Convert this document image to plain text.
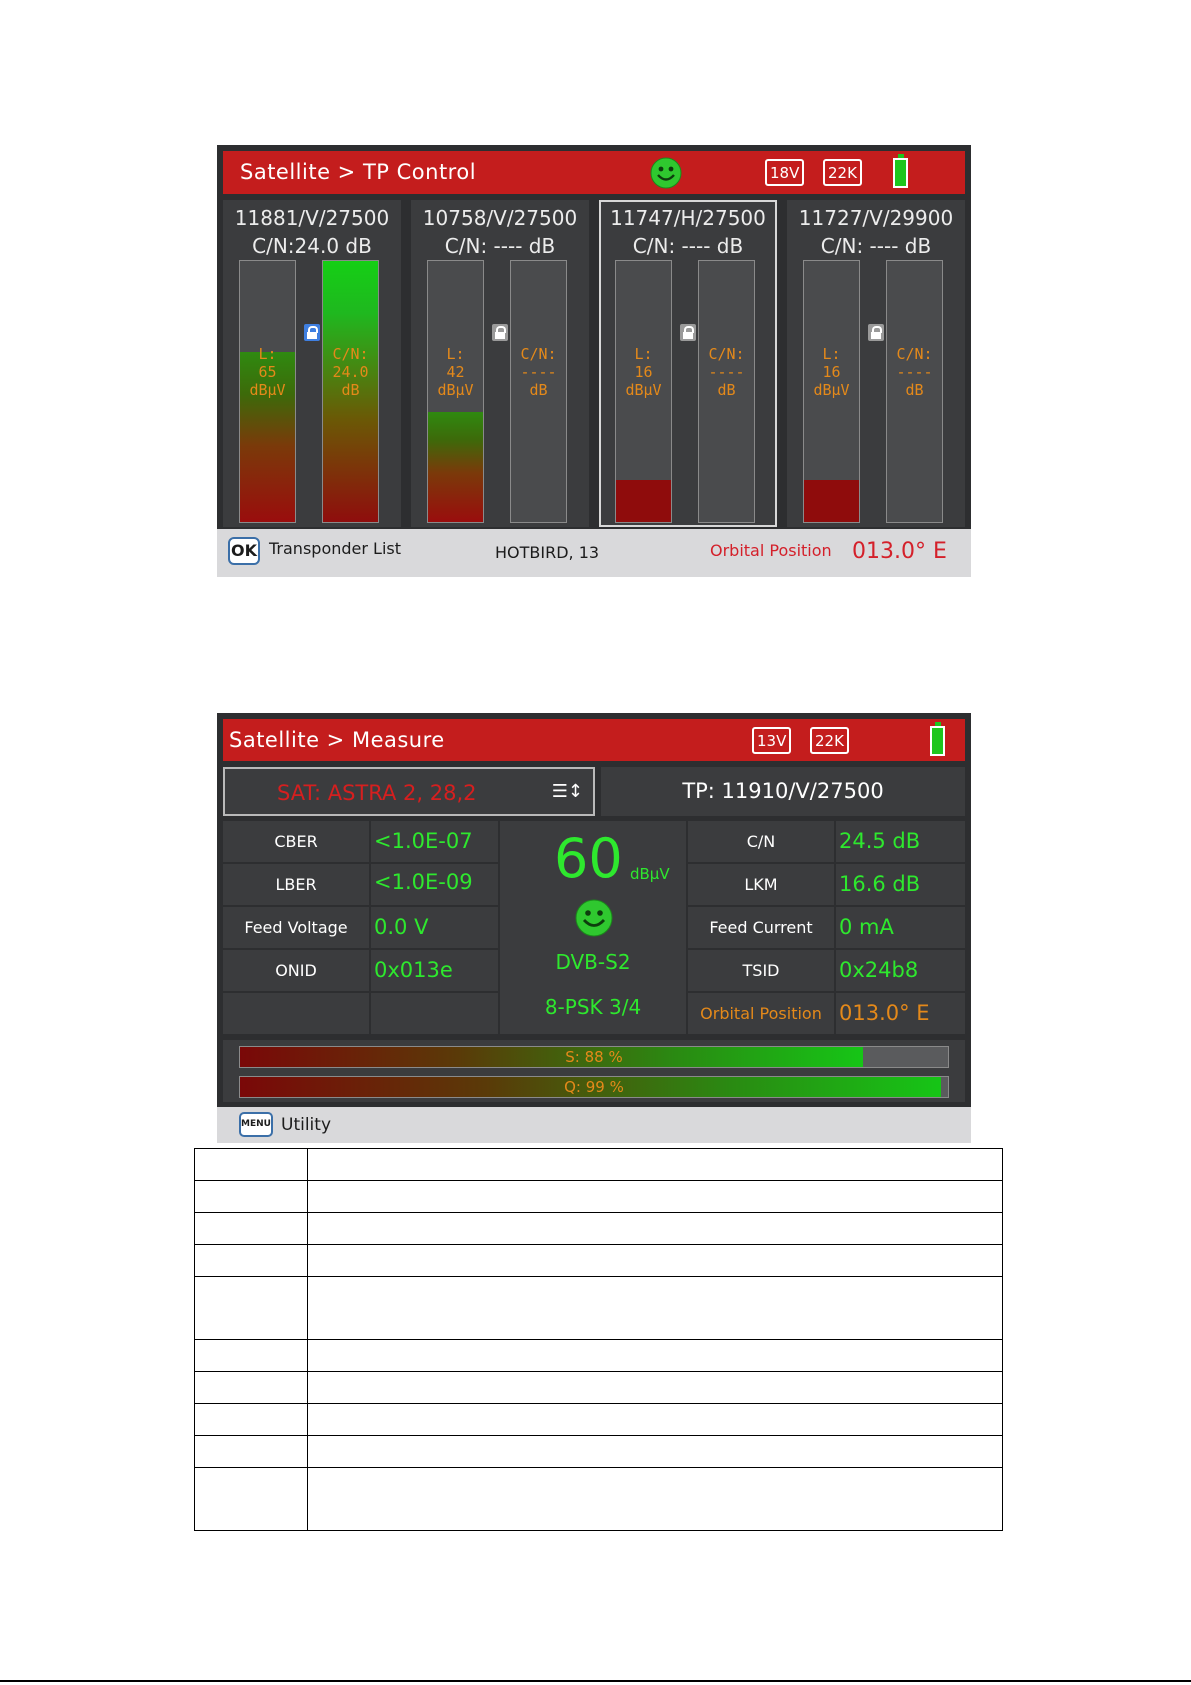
Satellite > TP Control	18V	22K
11881/V/27500
C/N:24.0 dB
L:
65
dBµV
C/N:
24.0
dB
10758/V/27500
C/N: ---- dB
L:
42
dBµV
C/N:
----
dB
11747/H/27500
C/N: ---- dB
L:
16
dBµV
C/N:
----
dB
11727/V/29900
C/N: ---- dB
L:
16
dBµV
C/N:
----
dB
OK Transponder List	HOTBIRD, 13	Orbital Position 013.0° E
Satellite > Measure	13V	22K
SAT: ASTRA 2, 28,2	☰↕	TP: 11910/V/27500
CBER	<1.0E-07
LBER	<1.0E-09
Feed Voltage	0.0 V
ONID	0x013e
60 dBµV
DVB-S2
8-PSK 3/4
C/N	24.5 dB
LKM	16.6 dB
Feed Current	0 mA
TSID	0x24b8
Orbital Position 013.0° E
S: 88 %
Q: 99 %
MENU Utility
